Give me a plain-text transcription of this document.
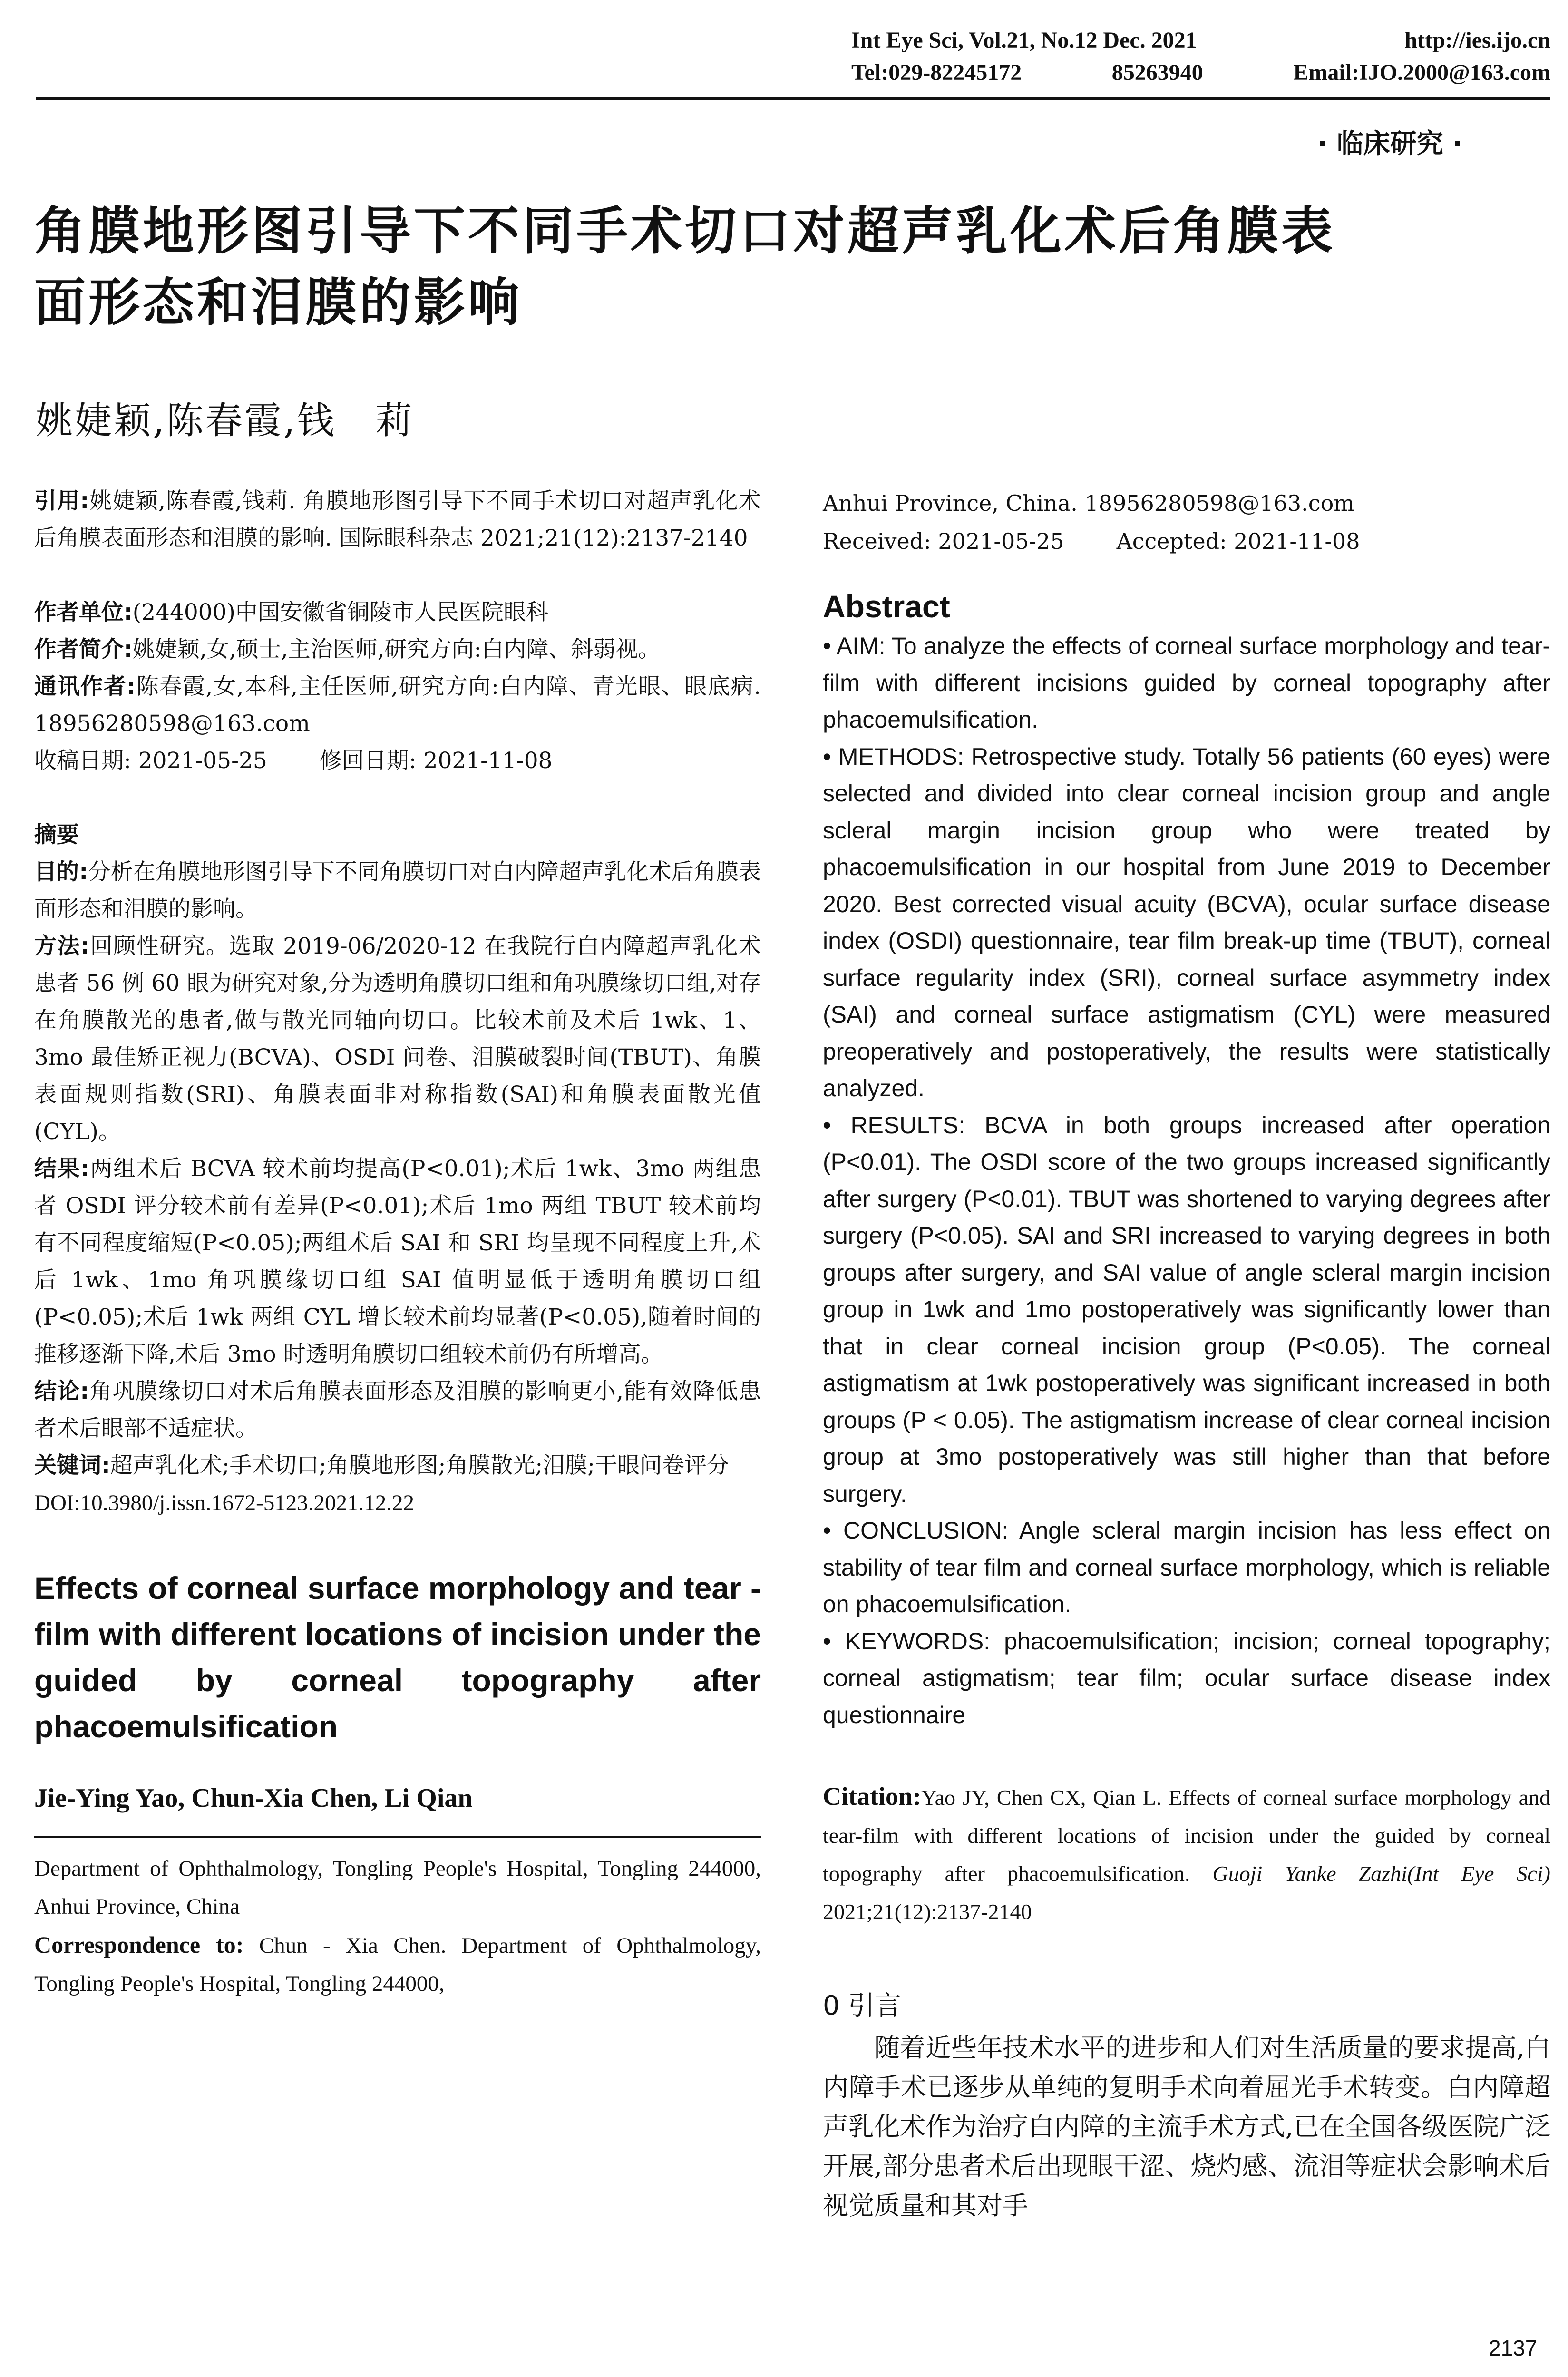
Int Eye Sci, Vol.21, No.12 Dec. 2021	http://ies.ijo.cn
Tel:029-82245172	85263940	Email:IJO.2000@163.com
· 临床研究 ·
角膜地形图引导下不同手术切口对超声乳化术后角膜表
面形态和泪膜的影响
姚婕颖,陈春霞,钱　莉

引用:姚婕颖,陈春霞,钱莉. 角膜地形图引导下不同手术切口对超声乳化术后角膜表面形态和泪膜的影响. 国际眼科杂志 2021;21(12):2137-2140

作者单位:(244000)中国安徽省铜陵市人民医院眼科

作者简介:姚婕颖,女,硕士,主治医师,研究方向:白内障、斜弱视。

通讯作者:陈春霞,女,本科,主任医师,研究方向:白内障、青光眼、眼底病. 18956280598@163.com

收稿日期: 2021-05-25 修回日期: 2021-11-08

摘要

目的:分析在角膜地形图引导下不同角膜切口对白内障超声乳化术后角膜表面形态和泪膜的影响。

方法:回顾性研究。选取 2019-06/2020-12 在我院行白内障超声乳化术患者 56 例 60 眼为研究对象,分为透明角膜切口组和角巩膜缘切口组,对存在角膜散光的患者,做与散光同轴向切口。比较术前及术后 1wk、1、3mo 最佳矫正视力(BCVA)、OSDI 问卷、泪膜破裂时间(TBUT)、角膜表面规则指数(SRI)、角膜表面非对称指数(SAI)和角膜表面散光值(CYL)。

结果:两组术后 BCVA 较术前均提高(P<0.01);术后 1wk、3mo 两组患者 OSDI 评分较术前有差异(P<0.01);术后 1mo 两组 TBUT 较术前均有不同程度缩短(P<0.05);两组术后 SAI 和 SRI 均呈现不同程度上升,术后 1wk、1mo 角巩膜缘切口组 SAI 值明显低于透明角膜切口组(P<0.05);术后 1wk 两组 CYL 增长较术前均显著(P<0.05),随着时间的推移逐渐下降,术后 3mo 时透明角膜切口组较术前仍有所增高。

结论:角巩膜缘切口对术后角膜表面形态及泪膜的影响更小,能有效降低患者术后眼部不适症状。

关键词:超声乳化术;手术切口;角膜地形图;角膜散光;泪膜;干眼问卷评分

DOI:10.3980/j.issn.1672-5123.2021.12.22

Effects of corneal surface morphology and tear - film with different locations of incision under the guided by corneal topography after phacoemulsification
Jie-Ying Yao, Chun-Xia Chen, Li Qian
Department of Ophthalmology, Tongling People's Hospital, Tongling 244000, Anhui Province, China
Correspondence to: Chun - Xia Chen. Department of Ophthalmology, Tongling People's Hospital, Tongling 244000,
Anhui Province, China. 18956280598@163.com
Received: 2021-05-25 Accepted: 2021-11-08
Abstract

• AIM: To analyze the effects of corneal surface morphology and tear-film with different incisions guided by corneal topography after phacoemulsification.

• METHODS: Retrospective study. Totally 56 patients (60 eyes) were selected and divided into clear corneal incision group and angle scleral margin incision group who were treated by phacoemulsification in our hospital from June 2019 to December 2020. Best corrected visual acuity (BCVA), ocular surface disease index (OSDI) questionnaire, tear film break-up time (TBUT), corneal surface regularity index (SRI), corneal surface asymmetry index (SAI) and corneal surface astigmatism (CYL) were measured preoperatively and postoperatively, the results were statistically analyzed.

• RESULTS: BCVA in both groups increased after operation (P<0.01). The OSDI score of the two groups increased significantly after surgery (P<0.01). TBUT was shortened to varying degrees after surgery (P<0.05). SAI and SRI increased to varying degrees in both groups after surgery, and SAI value of angle scleral margin incision group in 1wk and 1mo postoperatively was significantly lower than that in clear corneal incision group (P<0.05). The corneal astigmatism at 1wk postoperatively was significant increased in both groups (P < 0.05). The astigmatism increase of clear corneal incision group at 3mo postoperatively was still higher than that before surgery.

• CONCLUSION: Angle scleral margin incision has less effect on stability of tear film and corneal surface morphology, which is reliable on phacoemulsification.

• KEYWORDS: phacoemulsification; incision; corneal topography; corneal astigmatism; tear film; ocular surface disease index questionnaire

Citation:Yao JY, Chen CX, Qian L. Effects of corneal surface morphology and tear-film with different locations of incision under the guided by corneal topography after phacoemulsification. Guoji Yanke Zazhi(Int Eye Sci) 2021;21(12):2137-2140
0 引言
随着近些年技术水平的进步和人们对生活质量的要求提高,白内障手术已逐步从单纯的复明手术向着屈光手术转变。白内障超声乳化术作为治疗白内障的主流手术方式,已在全国各级医院广泛开展,部分患者术后出现眼干涩、烧灼感、流泪等症状会影响术后视觉质量和其对手
2137
